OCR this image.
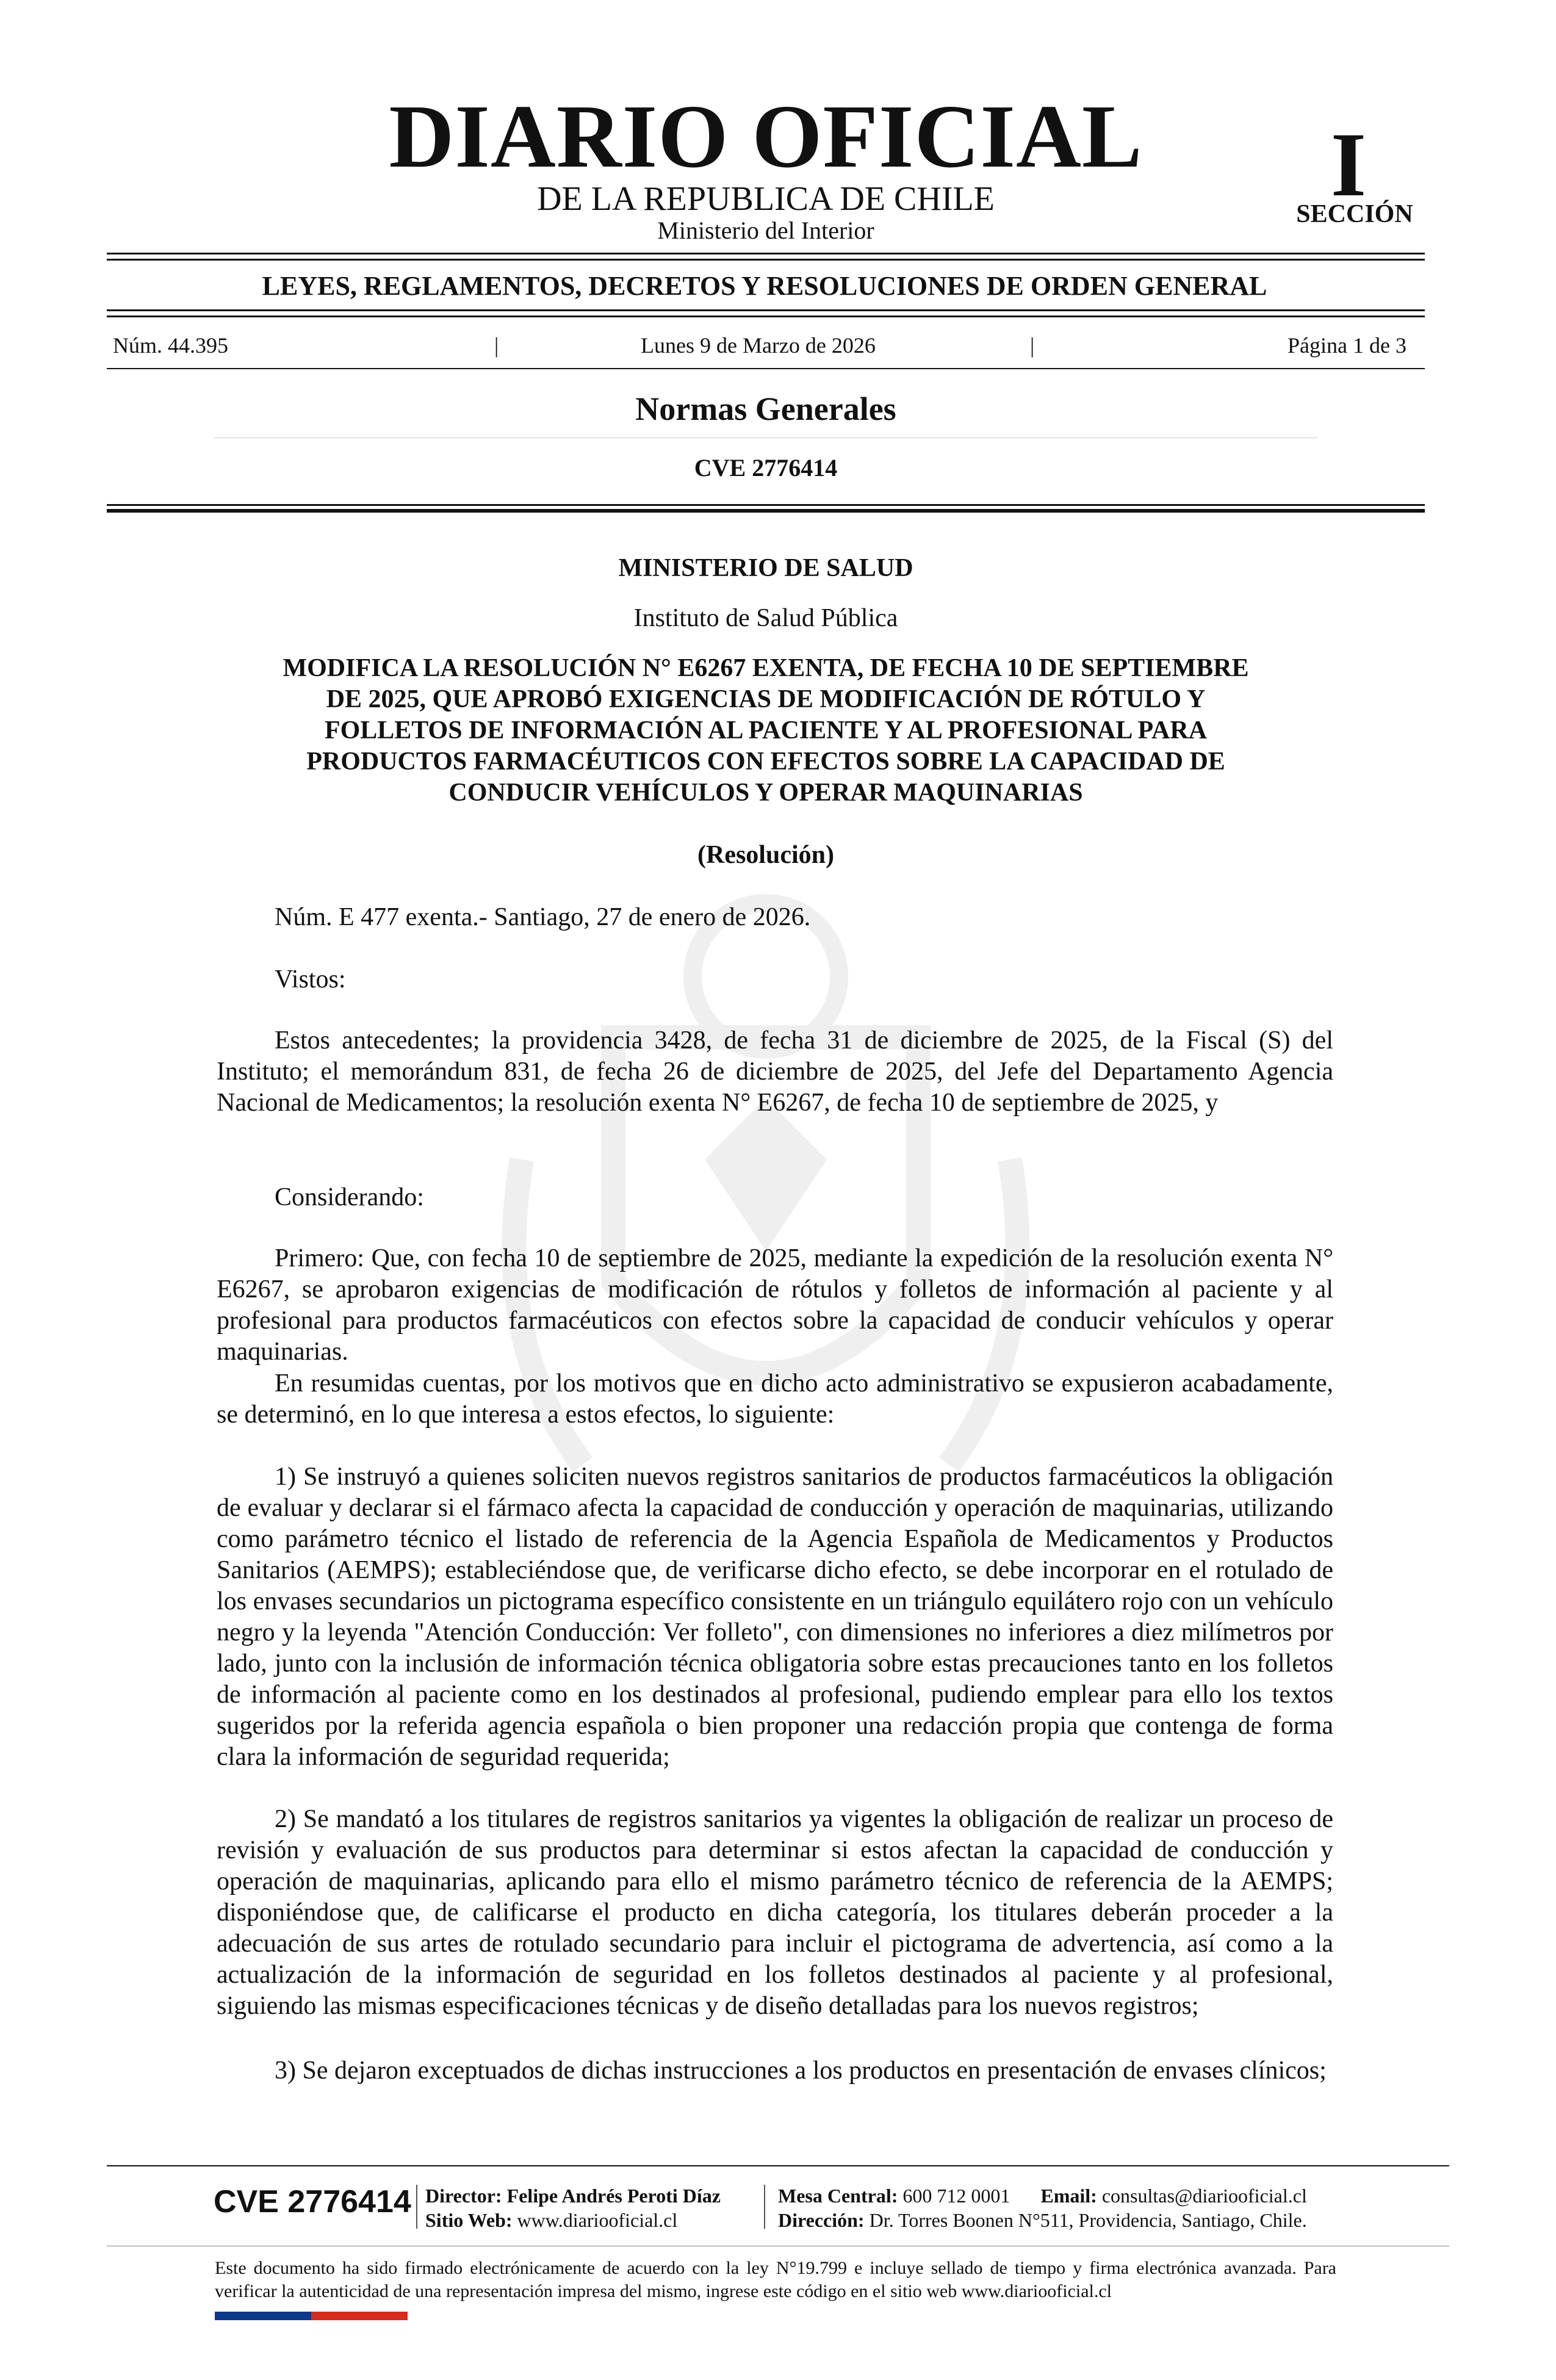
DIARIO OFICIAL
DE LA REPUBLICA DE CHILE
Ministerio del Interior
I
SECCIÓN
LEYES, REGLAMENTOS, DECRETOS Y RESOLUCIONES DE ORDEN GENERAL
Núm. 44.395	|	Lunes 9 de Marzo de 2026	|	Página 1 de 3
Normas Generales
CVE 2776414
MINISTERIO DE SALUD
Instituto de Salud Pública
MODIFICA LA RESOLUCIÓN N° E6267 EXENTA, DE FECHA 10 DE SEPTIEMBRE
DE 2025, QUE APROBÓ EXIGENCIAS DE MODIFICACIÓN DE RÓTULO Y
FOLLETOS DE INFORMACIÓN AL PACIENTE Y AL PROFESIONAL PARA
PRODUCTOS FARMACÉUTICOS CON EFECTOS SOBRE LA CAPACIDAD DE
CONDUCIR VEHÍCULOS Y OPERAR MAQUINARIAS
(Resolución)

Núm. E 477 exenta.- Santiago, 27 de enero de 2026.

Vistos:

Estos antecedentes; la providencia 3428, de fecha 31 de diciembre de 2025, de la Fiscal (S) del Instituto; el memorándum 831, de fecha 26 de diciembre de 2025, del Jefe del Departamento Agencia Nacional de Medicamentos; la resolución exenta N° E6267, de fecha 10 de septiembre de 2025, y

Considerando:

Primero: Que, con fecha 10 de septiembre de 2025, mediante la expedición de la resolución exenta N° E6267, se aprobaron exigencias de modificación de rótulos y folletos de información al paciente y al profesional para productos farmacéuticos con efectos sobre la capacidad de conducir vehículos y operar maquinarias.

En resumidas cuentas, por los motivos que en dicho acto administrativo se expusieron acabadamente, se determinó, en lo que interesa a estos efectos, lo siguiente:

1) Se instruyó a quienes soliciten nuevos registros sanitarios de productos farmacéuticos la obligación de evaluar y declarar si el fármaco afecta la capacidad de conducción y operación de maquinarias, utilizando como parámetro técnico el listado de referencia de la Agencia Española de Medicamentos y Productos Sanitarios (AEMPS); estableciéndose que, de verificarse dicho efecto, se debe incorporar en el rotulado de los envases secundarios un pictograma específico consistente en un triángulo equilátero rojo con un vehículo negro y la leyenda "Atención Conducción: Ver folleto", con dimensiones no inferiores a diez milímetros por lado, junto con la inclusión de información técnica obligatoria sobre estas precauciones tanto en los folletos de información al paciente como en los destinados al profesional, pudiendo emplear para ello los textos sugeridos por la referida agencia española o bien proponer una redacción propia que contenga de forma clara la información de seguridad requerida;

2) Se mandató a los titulares de registros sanitarios ya vigentes la obligación de realizar un proceso de revisión y evaluación de sus productos para determinar si estos afectan la capacidad de conducción y operación de maquinarias, aplicando para ello el mismo parámetro técnico de referencia de la AEMPS; disponiéndose que, de calificarse el producto en dicha categoría, los titulares deberán proceder a la adecuación de sus artes de rotulado secundario para incluir el pictograma de advertencia, así como a la actualización de la información de seguridad en los folletos destinados al paciente y al profesional, siguiendo las mismas especificaciones técnicas y de diseño detalladas para los nuevos registros;

3) Se dejaron exceptuados de dichas instrucciones a los productos en presentación de envases clínicos;

CVE 2776414 Director: Felipe Andrés Peroti Díaz
Sitio Web: www.diariooficial.cl
Mesa Central: 600 712 0001 Email: consultas@diariooficial.cl
Dirección: Dr. Torres Boonen N°511, Providencia, Santiago, Chile.
Este documento ha sido firmado electrónicamente de acuerdo con la ley N°19.799 e incluye sellado de tiempo y firma electrónica avanzada. Para verificar la autenticidad de una representación impresa del mismo, ingrese este código en el sitio web www.diariooficial.cl
